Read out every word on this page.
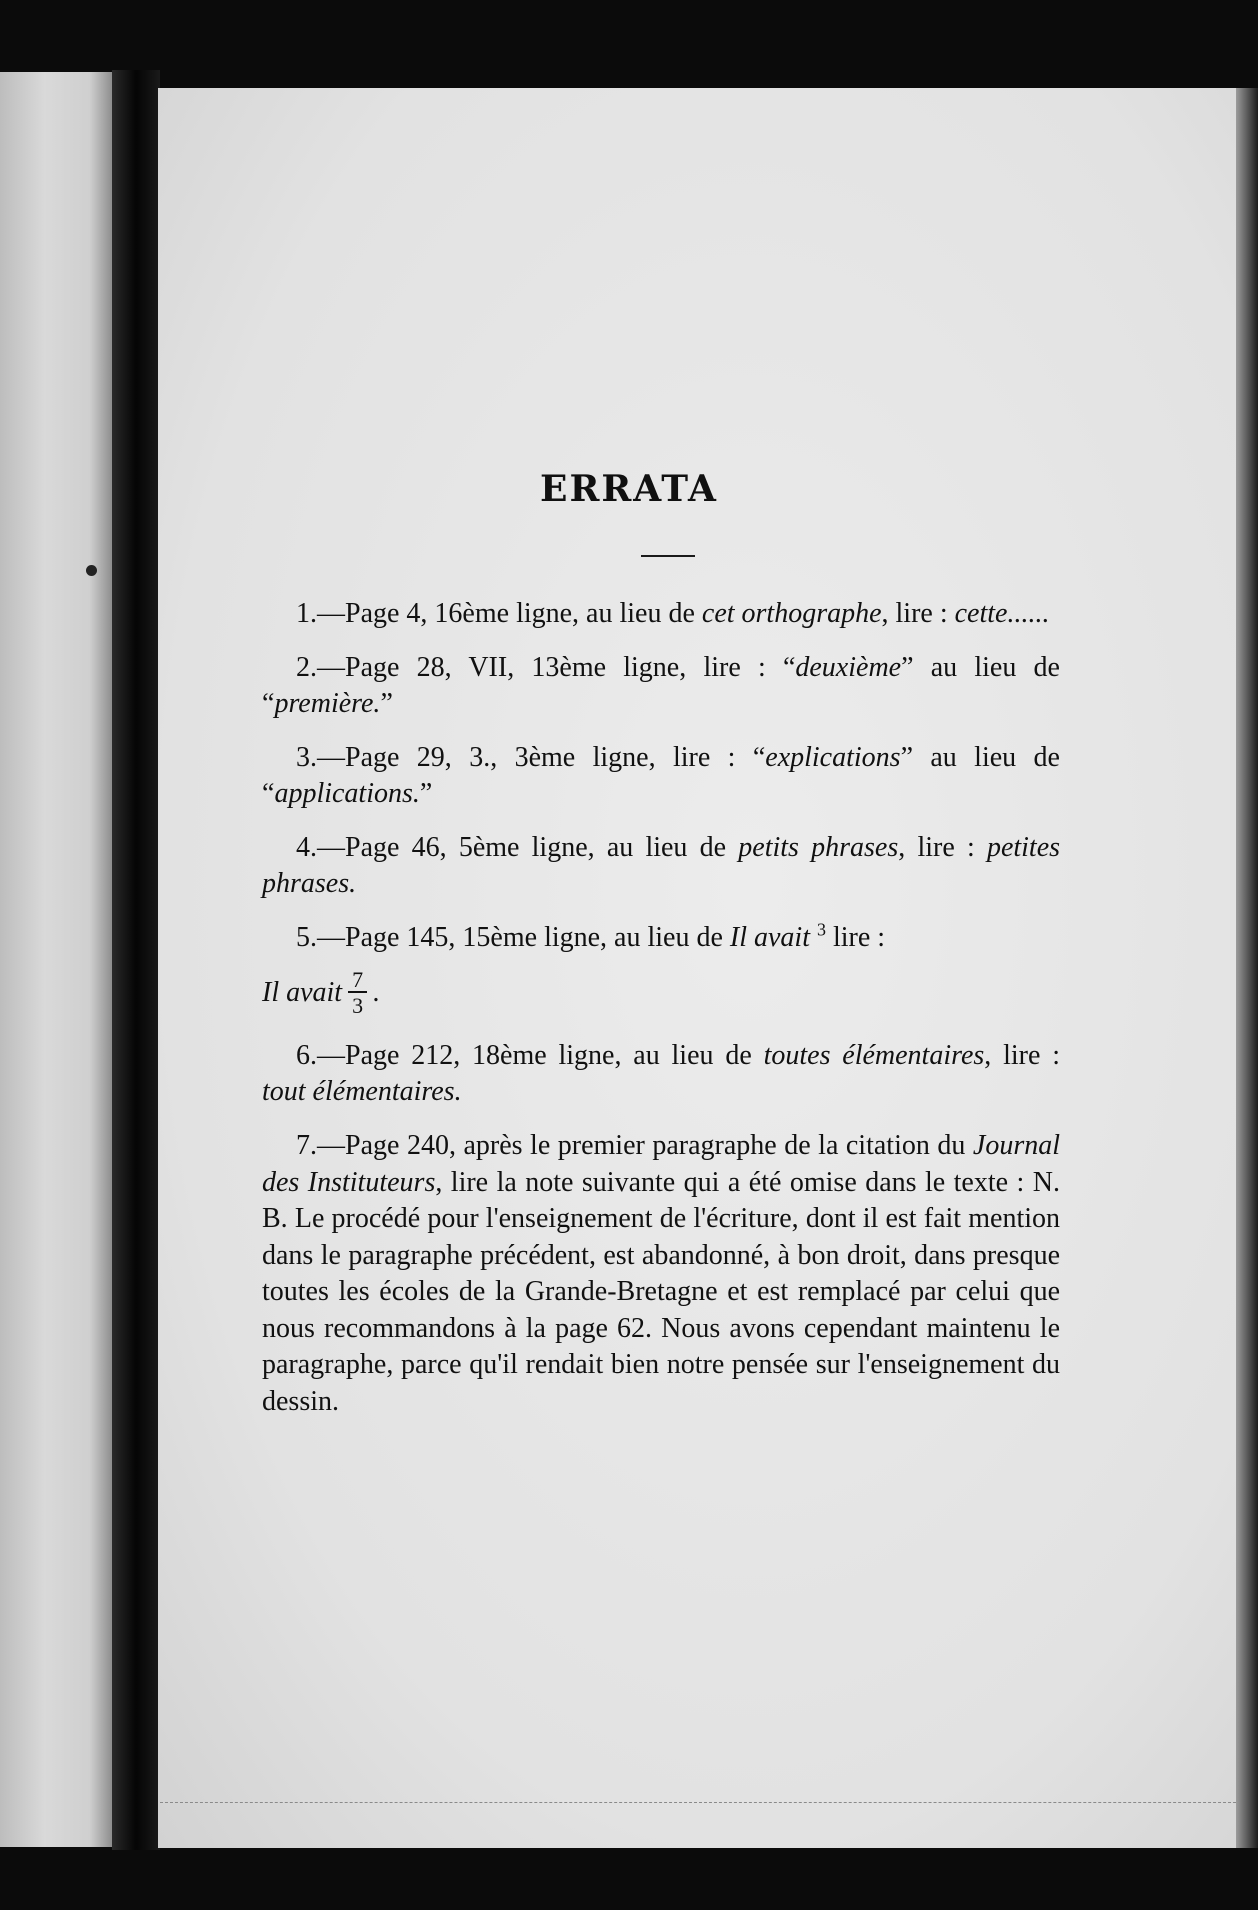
ERRATA

1.—Page 4, 16ème ligne, au lieu de cet orthographe, lire : cette......

2.—Page 28, VII, 13ème ligne, lire : “deuxième” au lieu de “première.”

3.—Page 29, 3., 3ème ligne, lire : “explications” au lieu de “applications.”

4.—Page 46, 5ème ligne, au lieu de petits phrases, lire : petites phrases.

5.—Page 145, 15ème ligne, au lieu de Il avait $^3$ lire :

Il avait $\frac{7}{3}$ .

6.—Page 212, 18ème ligne, au lieu de toutes élémentaires, lire : tout élémentaires.

7.—Page 240, après le premier paragraphe de la citation du Journal des Instituteurs, lire la note suivante qui a été omise dans le texte : N. B. Le procédé pour l'enseignement de l'écriture, dont il est fait mention dans le paragraphe précédent, est abandonné, à bon droit, dans presque toutes les écoles de la Grande-Bretagne et est remplacé par celui que nous recommandons à la page 62. Nous avons cependant maintenu le paragraphe, parce qu'il rendait bien notre pensée sur l'enseignement du dessin.
